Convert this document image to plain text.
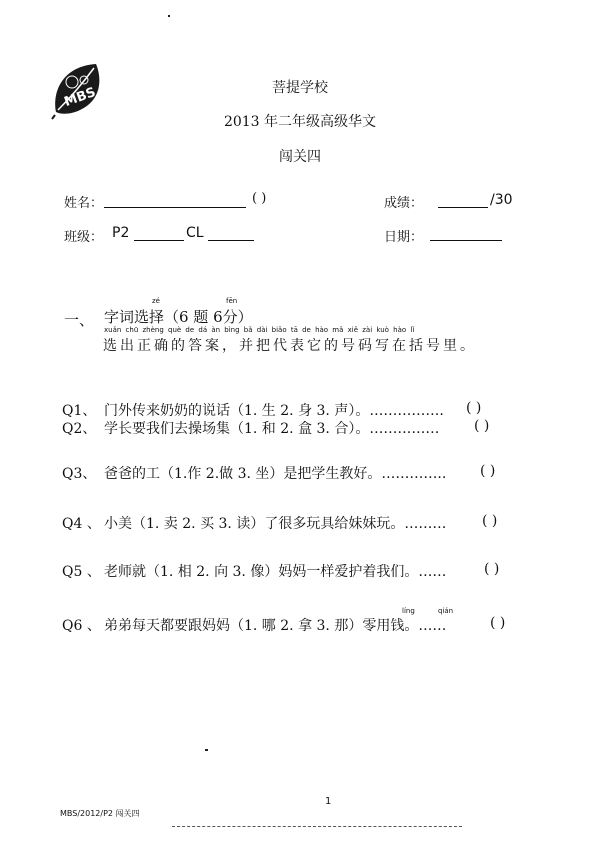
MBS	菩提学校
2013 年二年级高级华文
闯关四
姓名：	( )	成绩：	/30
班级： P2	CL	日期：
zé	fēn
一、 字词选择（6 题 6分）
xuǎn chū zhèng què de dá àn bìng bǎ dài biǎo tā de hào mǎ xiě zài kuò hào lǐ
选出正确的答案，并把代表它的号码写在括号里。
Q1、 门外传来奶奶的说话（1. 生 2. 身 3. 声）。……………. ( )
Q2、 学长要我们去操场集（1. 和 2. 盒 3. 合）。…………… ( )
Q3、 爸爸的工（1.作 2.做 3. 坐）是把学生教好。………….. ( )
Q4 、 小美（1. 卖 2. 买 3. 读）了很多玩具给妹妹玩。………	( )
Q5 、 老师就（1. 相 2. 向 3. 像）妈妈一样爱护着我们。……	( )
líng	qián
Q6 、 弟弟每天都要跟妈妈（1. 哪 2. 拿 3. 那）零用钱。……	( )
1
MBS/2012/P2 闯关四
